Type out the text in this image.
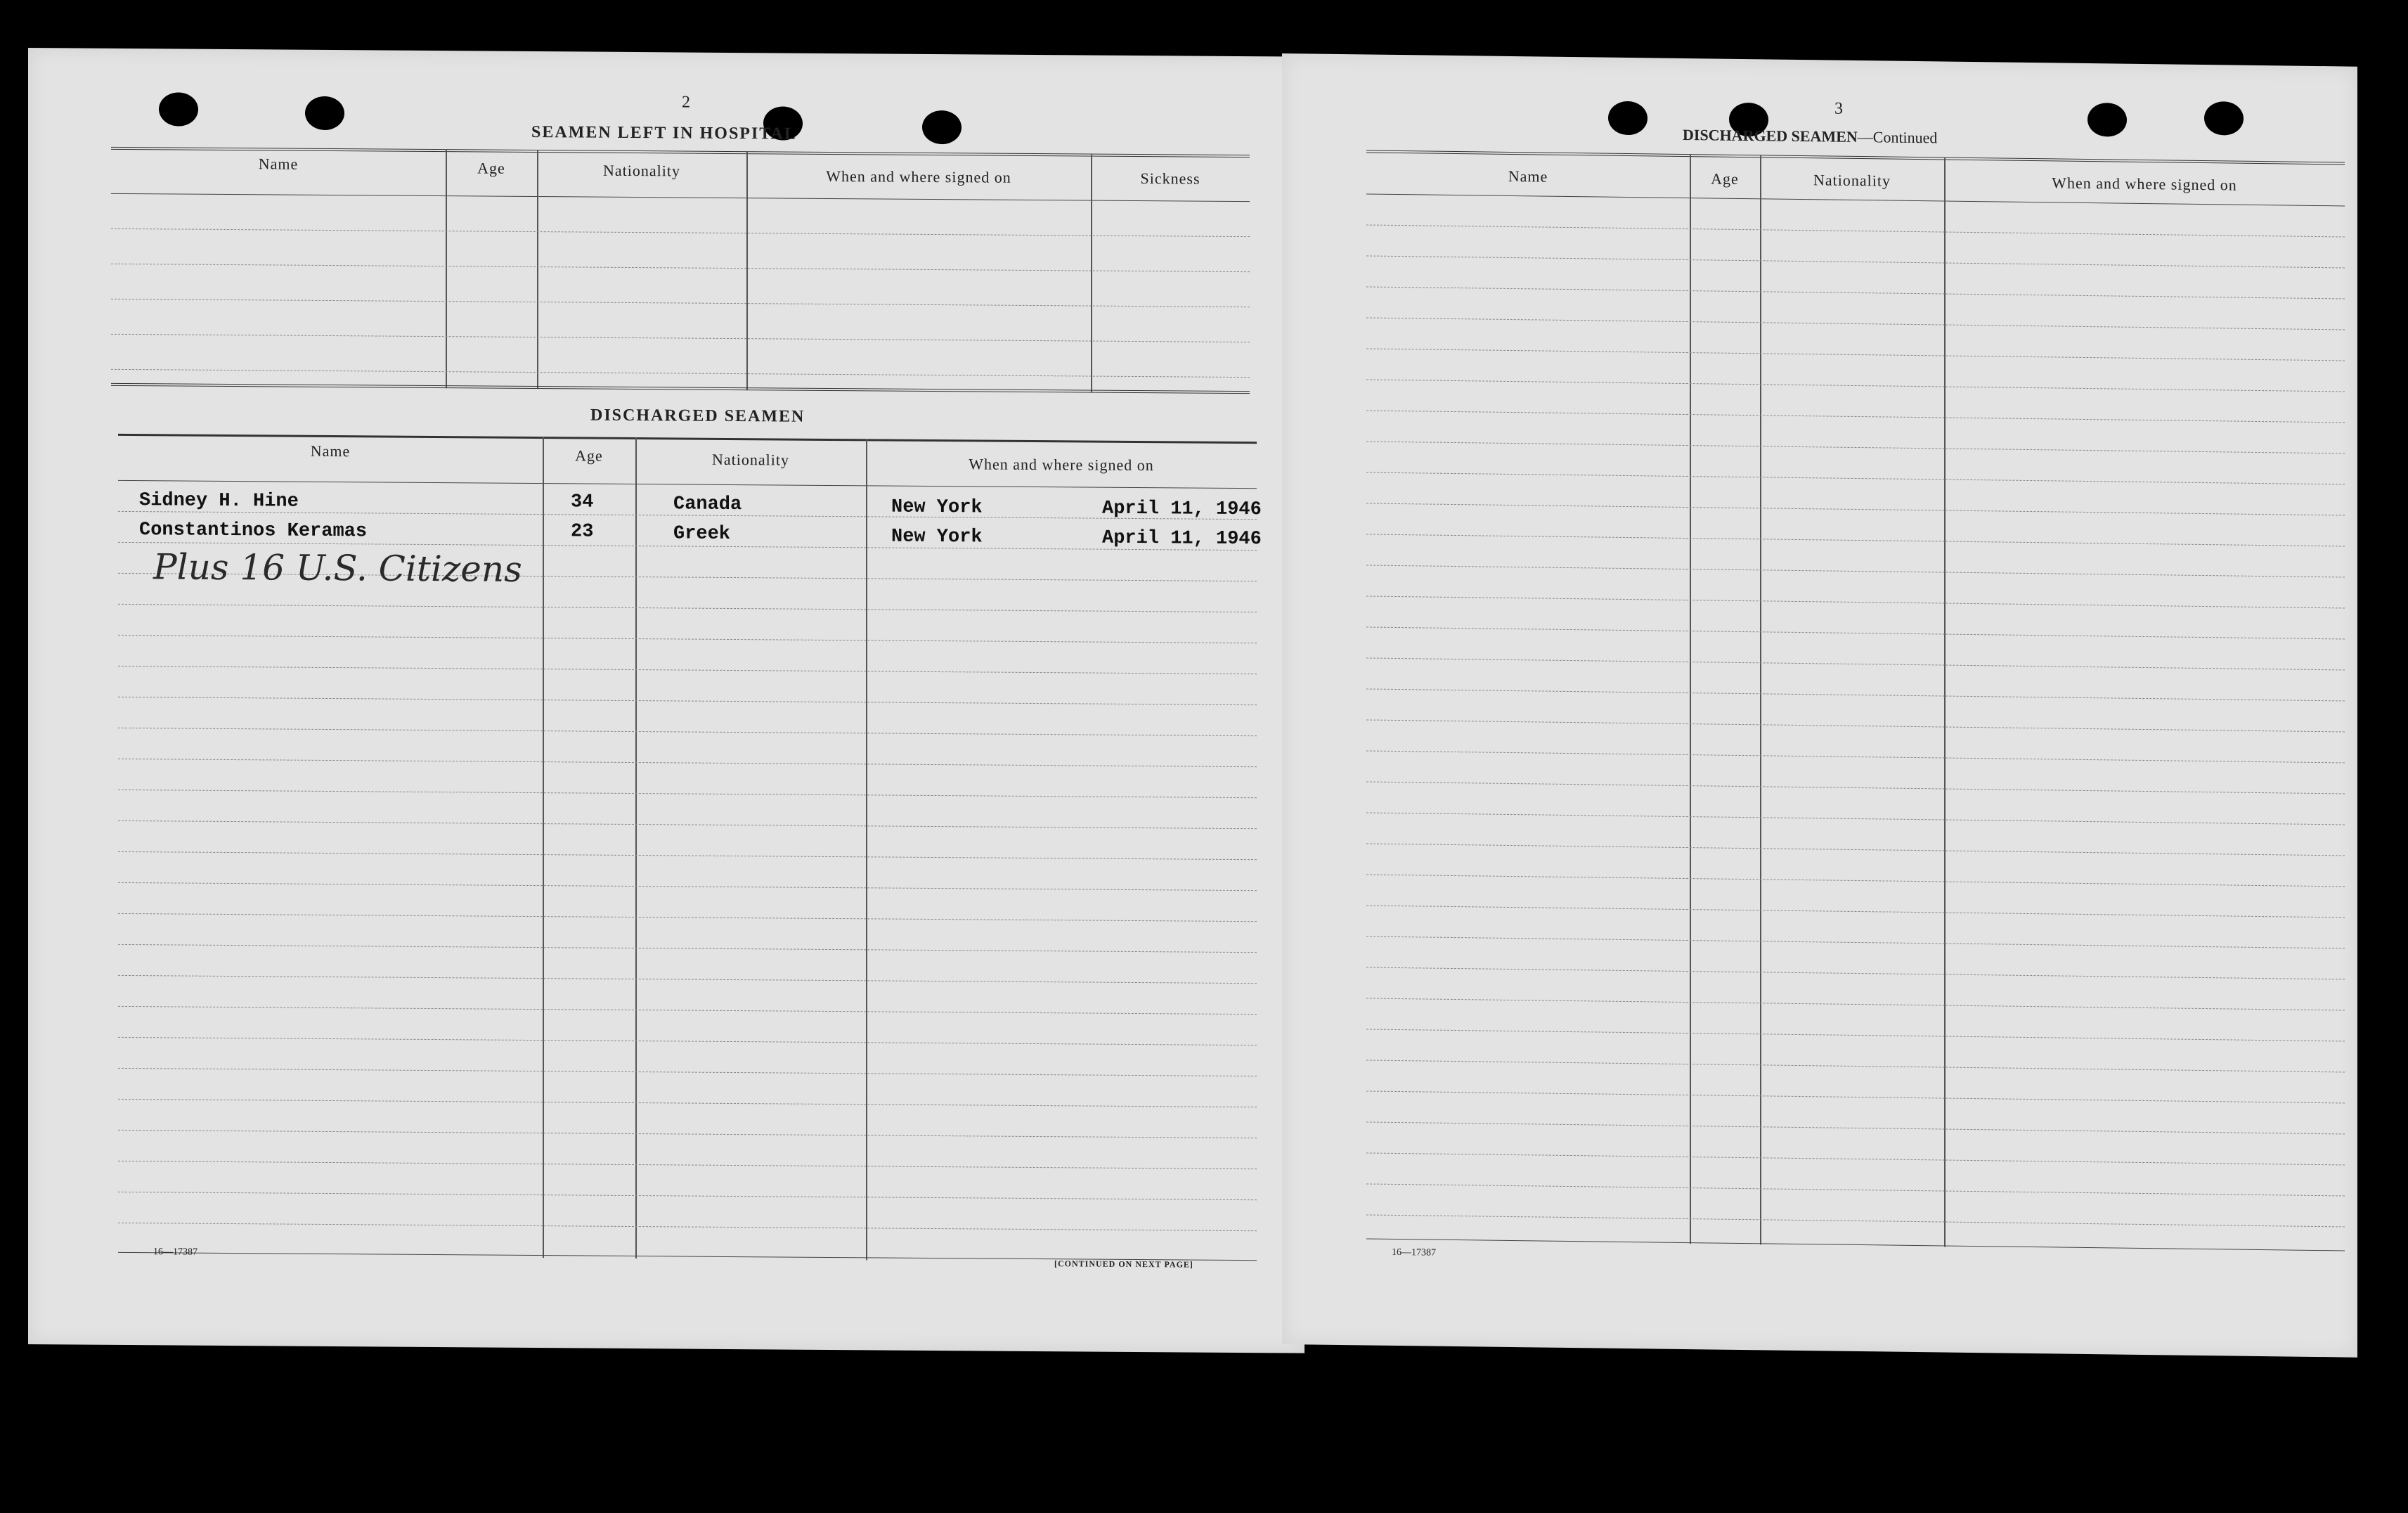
2
SEAMEN LEFT IN HOSPITAL
Name	Age	Nationality	When and where signed on	Sickness
DISCHARGED SEAMEN
Name	Age	Nationality	When and where signed on
Sidney H. Hine	34	Canada	New York	April 11, 1946
Constantinos Keramas	23	Greek	New York	April 11, 1946
Plus 16 U.S. Citizens
16—17387
[CONTINUED ON NEXT PAGE]
3
DISCHARGED SEAMEN—Continued
Name	Age	Nationality	When and where signed on
16—17387
